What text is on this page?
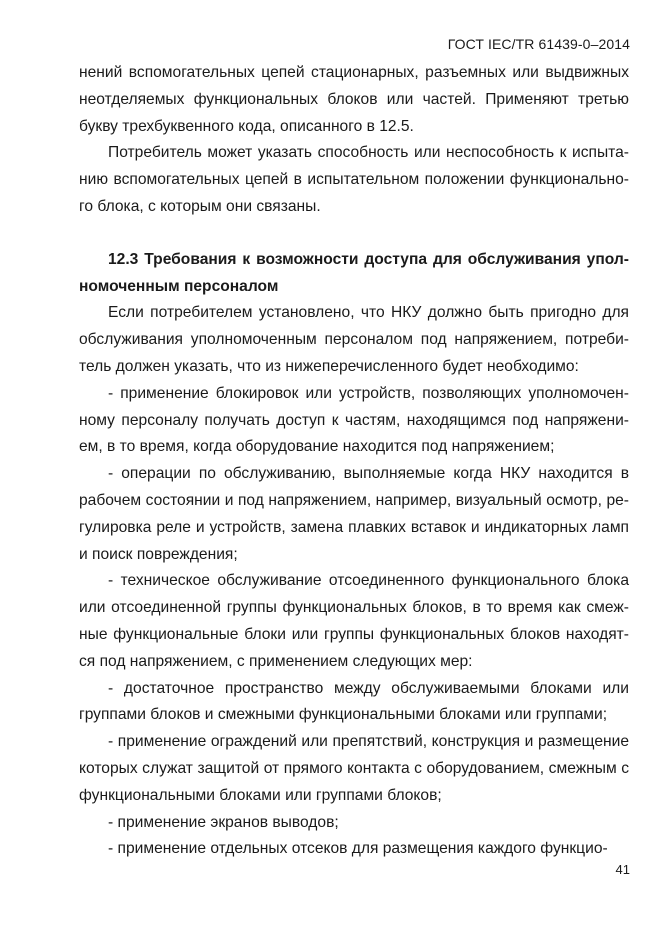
ГОСТ IEC/TR 61439-0–2014

нений вспомогательных цепей стационарных, разъемных или выдвижных неотделяемых функциональных блоков или частей. Применяют третью букву трехбуквенного кода, описанного в 12.5.

Потребитель может указать способность или неспособность к испытанию вспомогательных цепей в испытательном положении функционального блока, с которым они связаны.

12.3 Требования к возможности доступа для обслуживания уполномоченным персоналом

Если потребителем установлено, что НКУ должно быть пригодно для обслуживания уполномоченным персоналом под напряжением, потребитель должен указать, что из нижеперечисленного будет необходимо:

- применение блокировок или устройств, позволяющих уполномоченному персоналу получать доступ к частям, находящимся под напряжением, в то время, когда оборудование находится под напряжением;

- операции по обслуживанию, выполняемые когда НКУ находится в рабочем состоянии и под напряжением, например, визуальный осмотр, регулировка реле и устройств, замена плавких вставок и индикаторных ламп и поиск повреждения;

- техническое обслуживание отсоединенного функционального блока или отсоединенной группы функциональных блоков, в то время как смежные функциональные блоки или группы функциональных блоков находятся под напряжением, с применением следующих мер:

- достаточное пространство между обслуживаемыми блоками или группами блоков и смежными функциональными блоками или группами;

- применение ограждений или препятствий, конструкция и размещение которых служат защитой от прямого контакта с оборудованием, смежным с функциональными блоками или группами блоков;

- применение экранов выводов;

- применение отдельных отсеков для размещения каждого функцио-

41
